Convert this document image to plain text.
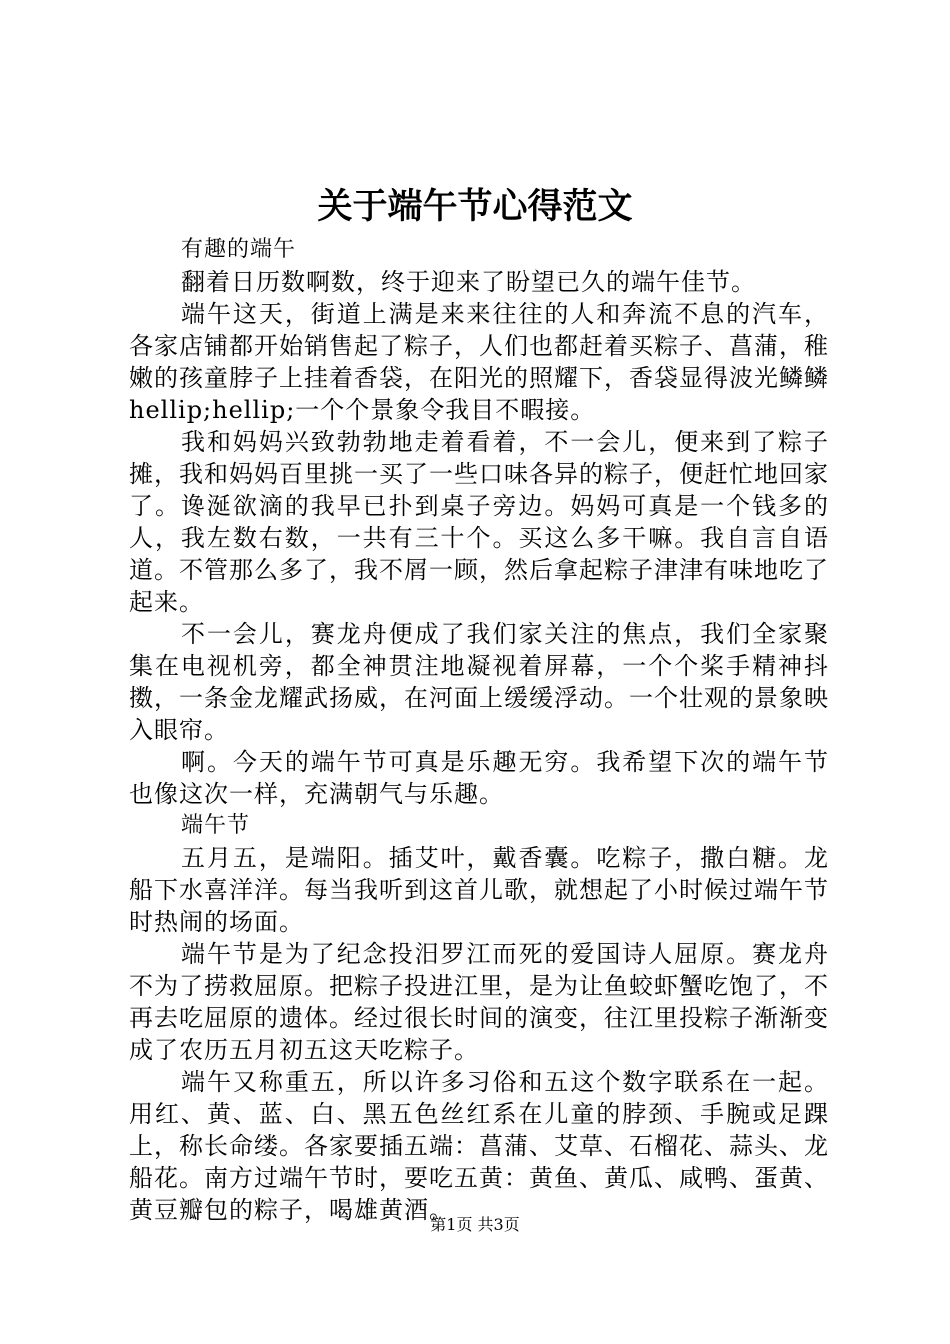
关于端午节心得范文

有趣的端午

翻着日历数啊数，终于迎来了盼望已久的端午佳节。

端午这天，街道上满是来来往往的人和奔流不息的汽车，各家店铺都开始销售起了粽子，人们也都赶着买粽子、菖蒲，稚嫩的孩童脖子上挂着香袋，在阳光的照耀下，香袋显得波光鳞鳞hellip;hellip;一个个景象令我目不暇接。

我和妈妈兴致勃勃地走着看着，不一会儿，便来到了粽子摊，我和妈妈百里挑一买了一些口味各异的粽子，便赶忙地回家了。谗涎欲滴的我早已扑到桌子旁边。妈妈可真是一个钱多的人，我左数右数，一共有三十个。买这么多干嘛。我自言自语道。不管那么多了，我不屑一顾，然后拿起粽子津津有味地吃了起来。

不一会儿，赛龙舟便成了我们家关注的焦点，我们全家聚集在电视机旁，都全神贯注地凝视着屏幕，一个个桨手精神抖擞，一条金龙耀武扬威，在河面上缓缓浮动。一个壮观的景象映入眼帘。

啊。今天的端午节可真是乐趣无穷。我希望下次的端午节也像这次一样，充满朝气与乐趣。

端午节

五月五，是端阳。插艾叶，戴香囊。吃粽子，撒白糖。龙船下水喜洋洋。每当我听到这首儿歌，就想起了小时候过端午节时热闹的场面。

端午节是为了纪念投汨罗江而死的爱国诗人屈原。赛龙舟不为了捞救屈原。把粽子投进江里，是为让鱼蛟虾蟹吃饱了，不再去吃屈原的遗体。经过很长时间的演变，往江里投粽子渐渐变成了农历五月初五这天吃粽子。

端午又称重五，所以许多习俗和五这个数字联系在一起。用红、黄、蓝、白、黑五色丝红系在儿童的脖颈、手腕或足踝上，称长命缕。各家要插五端：菖蒲、艾草、石榴花、蒜头、龙船花。南方过端午节时，要吃五黄：黄鱼、黄瓜、咸鸭、蛋黄、黄豆瓣包的粽子，喝雄黄酒。

第1页 共3页
